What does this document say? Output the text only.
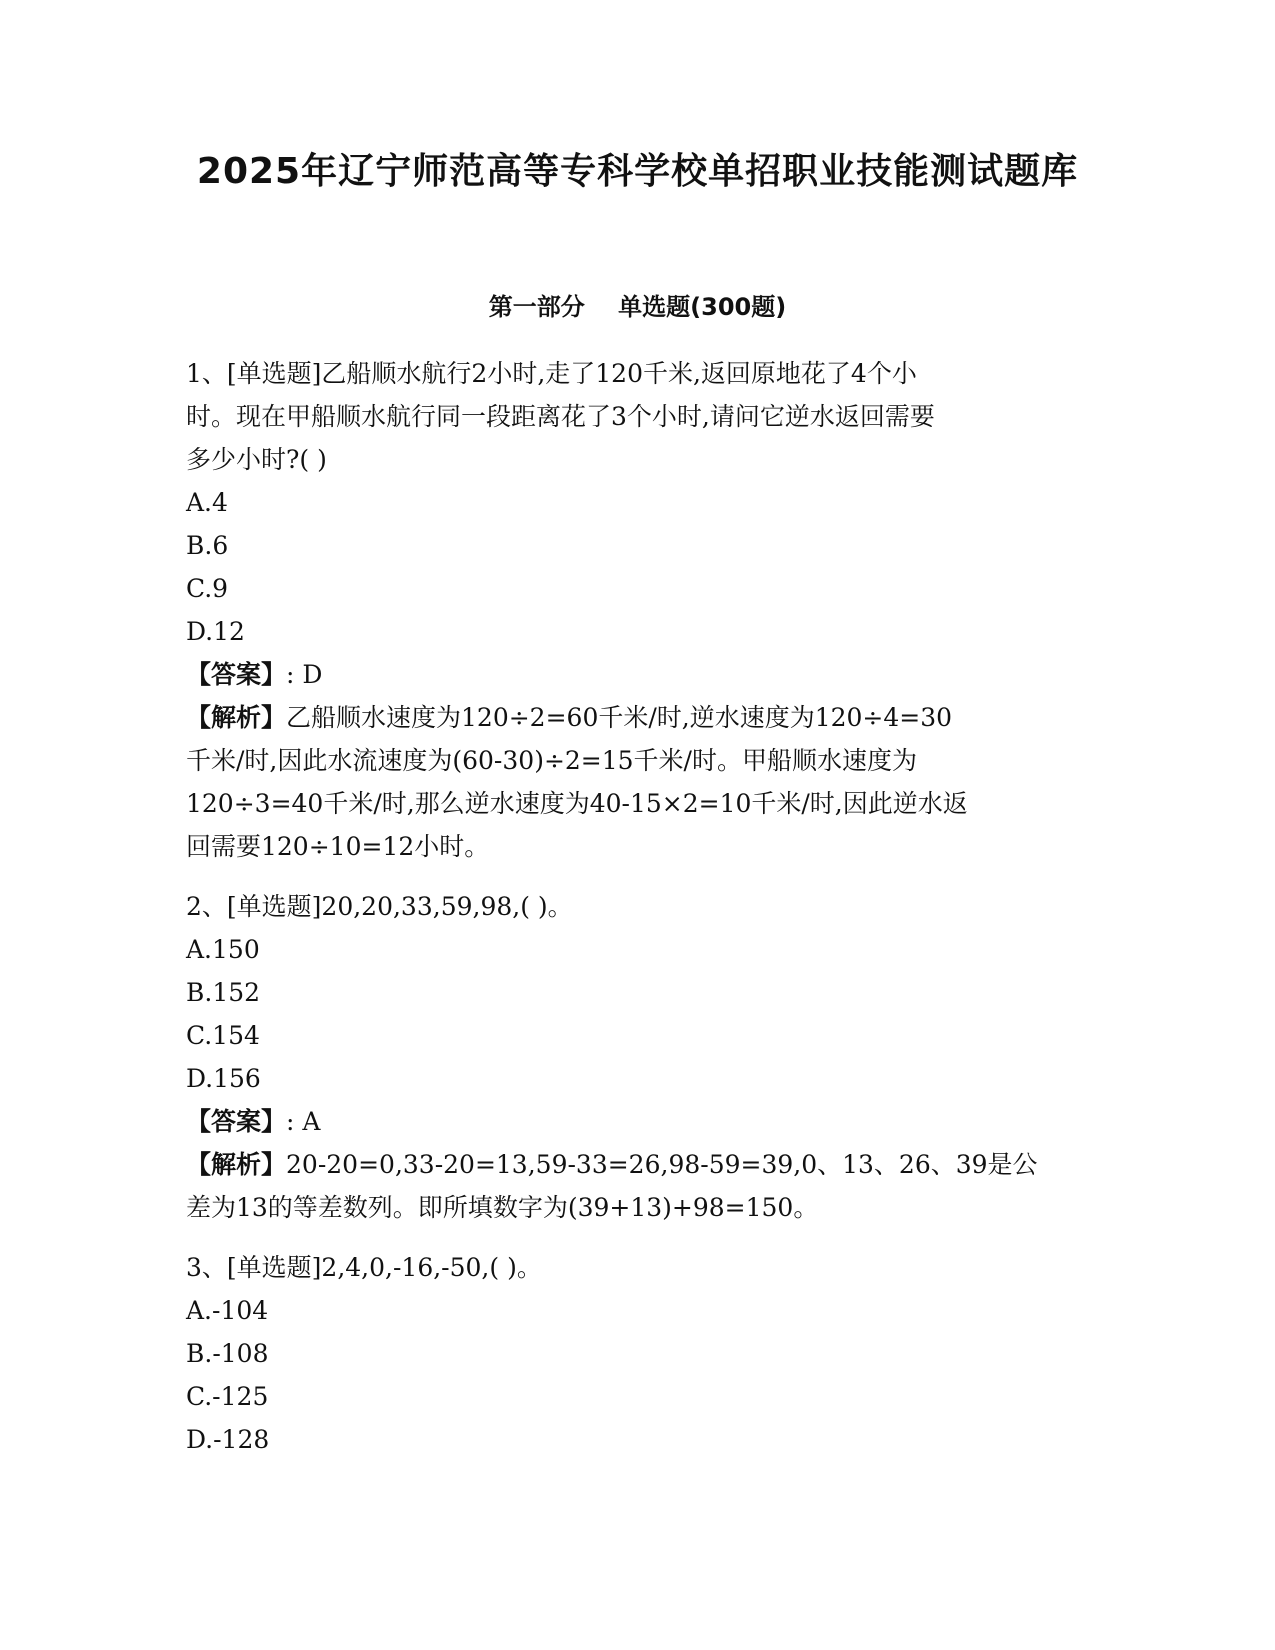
2025年辽宁师范高等专科学校单招职业技能测试题库
第一部分    单选题(300题)
1、[单选题]乙船顺水航行2小时,走了120千米,返回原地花了4个小
时。现在甲船顺水航行同一段距离花了3个小时,请问它逆水返回需要
多少小时?( )
A.4
B.6
C.9
D.12
【答案】: D
【解析】乙船顺水速度为120÷2=60千米/时,逆水速度为120÷4=30
千米/时,因此水流速度为(60-30)÷2=15千米/时。甲船顺水速度为
120÷3=40千米/时,那么逆水速度为40-15×2=10千米/时,因此逆水返
回需要120÷10=12小时。
2、[单选题]20,20,33,59,98,( )。
A.150
B.152
C.154
D.156
【答案】: A
【解析】20-20=0,33-20=13,59-33=26,98-59=39,0、13、26、39是公
差为13的等差数列。即所填数字为(39+13)+98=150。
3、[单选题]2,4,0,-16,-50,( )。
A.-104
B.-108
C.-125
D.-128
